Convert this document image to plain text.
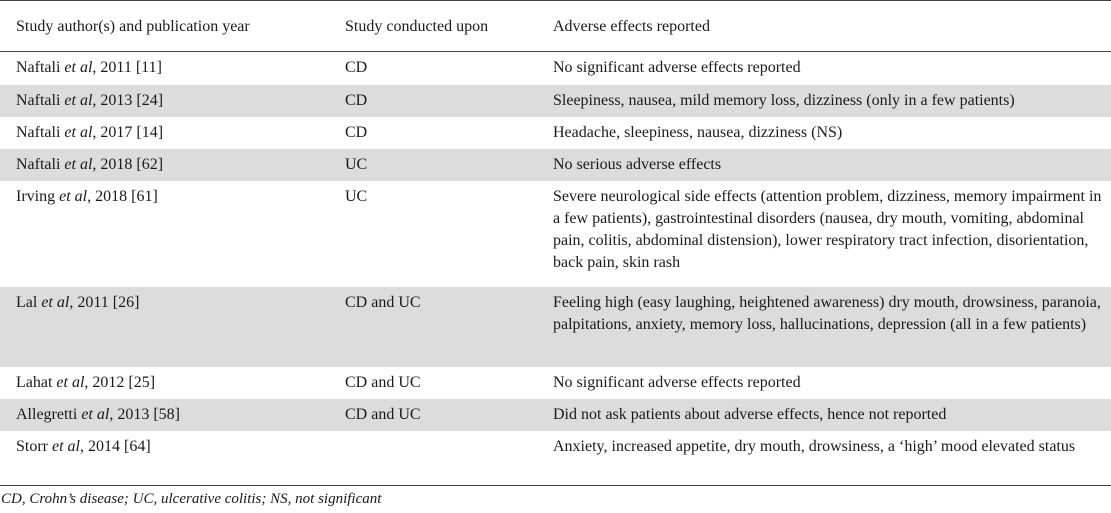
Study author(s) and publication year	Study conducted upon	Adverse effects reported
Naftali et al, 2011 [11]	CD	No significant adverse effects reported
Naftali et al, 2013 [24]	CD	Sleepiness, nausea, mild memory loss, dizziness (only in a few patients)
Naftali et al, 2017 [14]	CD	Headache, sleepiness, nausea, dizziness (NS)
Naftali et al, 2018 [62]	UC	No serious adverse effects
Irving et al, 2018 [61]	UC	Severe neurological side effects (attention problem, dizziness, memory impairment in a few patients), gastrointestinal disorders (nausea, dry mouth, vomiting, abdominal pain, colitis, abdominal distension), lower respiratory tract infection, disorientation, back pain, skin rash
Lal et al, 2011 [26]	CD and UC	Feeling high (easy laughing, heightened awareness) dry mouth, drowsiness, paranoia, palpitations, anxiety, memory loss, hallucinations, depression (all in a few patients)
Lahat et al, 2012 [25]	CD and UC	No significant adverse effects reported
Allegretti et al, 2013 [58]	CD and UC	Did not ask patients about adverse effects, hence not reported
Storr et al, 2014 [64]		Anxiety, increased appetite, dry mouth, drowsiness, a ‘high’ mood elevated status
CD, Crohn’s disease; UC, ulcerative colitis; NS, not significant
